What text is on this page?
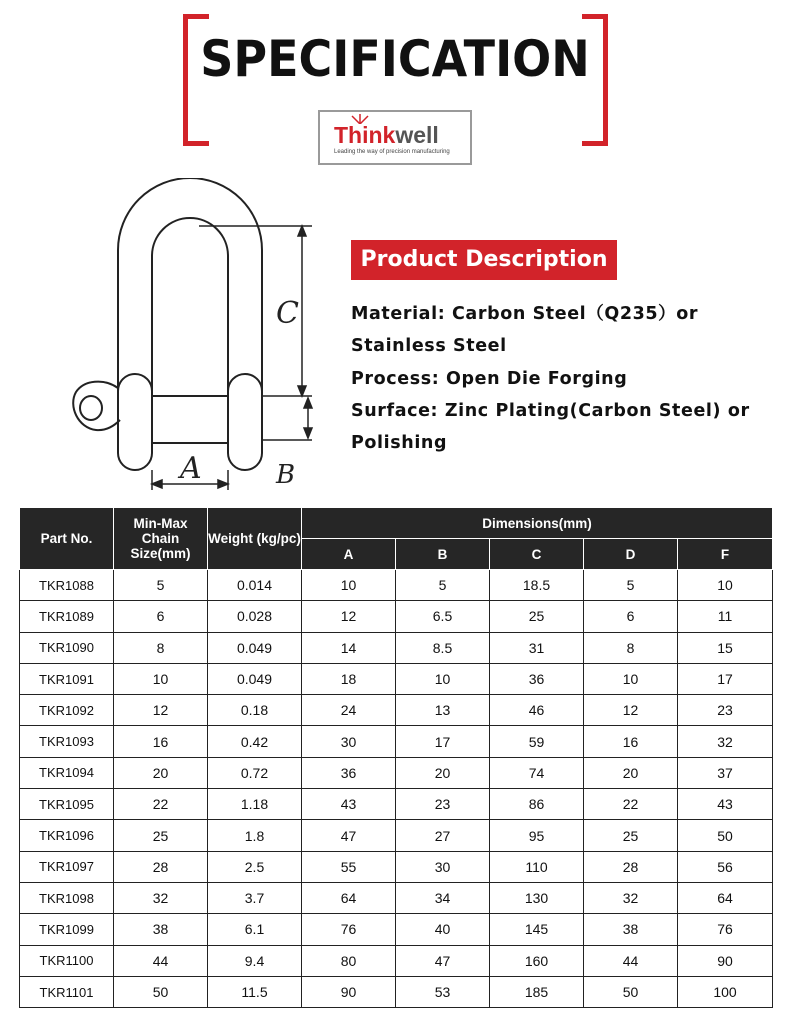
SPECIFICATION
Thinkwell
Leading the way of precision manufacturing
C
B
A
Product Description
Material: Carbon Steel（Q235）or
Stainless Steel
Process: Open Die Forging
Surface: Zinc Plating(Carbon Steel) or
Polishing
Part No.	Min-Max Chain Size(mm)	Weight (kg/pc)	Dimensions(mm)				
			A	B	C	D	F
TKR1088	5	0.014	10	5	18.5	5	10
TKR1089	6	0.028	12	6.5	25	6	11
TKR1090	8	0.049	14	8.5	31	8	15
TKR1091	10	0.049	18	10	36	10	17
TKR1092	12	0.18	24	13	46	12	23
TKR1093	16	0.42	30	17	59	16	32
TKR1094	20	0.72	36	20	74	20	37
TKR1095	22	1.18	43	23	86	22	43
TKR1096	25	1.8	47	27	95	25	50
TKR1097	28	2.5	55	30	110	28	56
TKR1098	32	3.7	64	34	130	32	64
TKR1099	38	6.1	76	40	145	38	76
TKR1100	44	9.4	80	47	160	44	90
TKR1101	50	11.5	90	53	185	50	100
